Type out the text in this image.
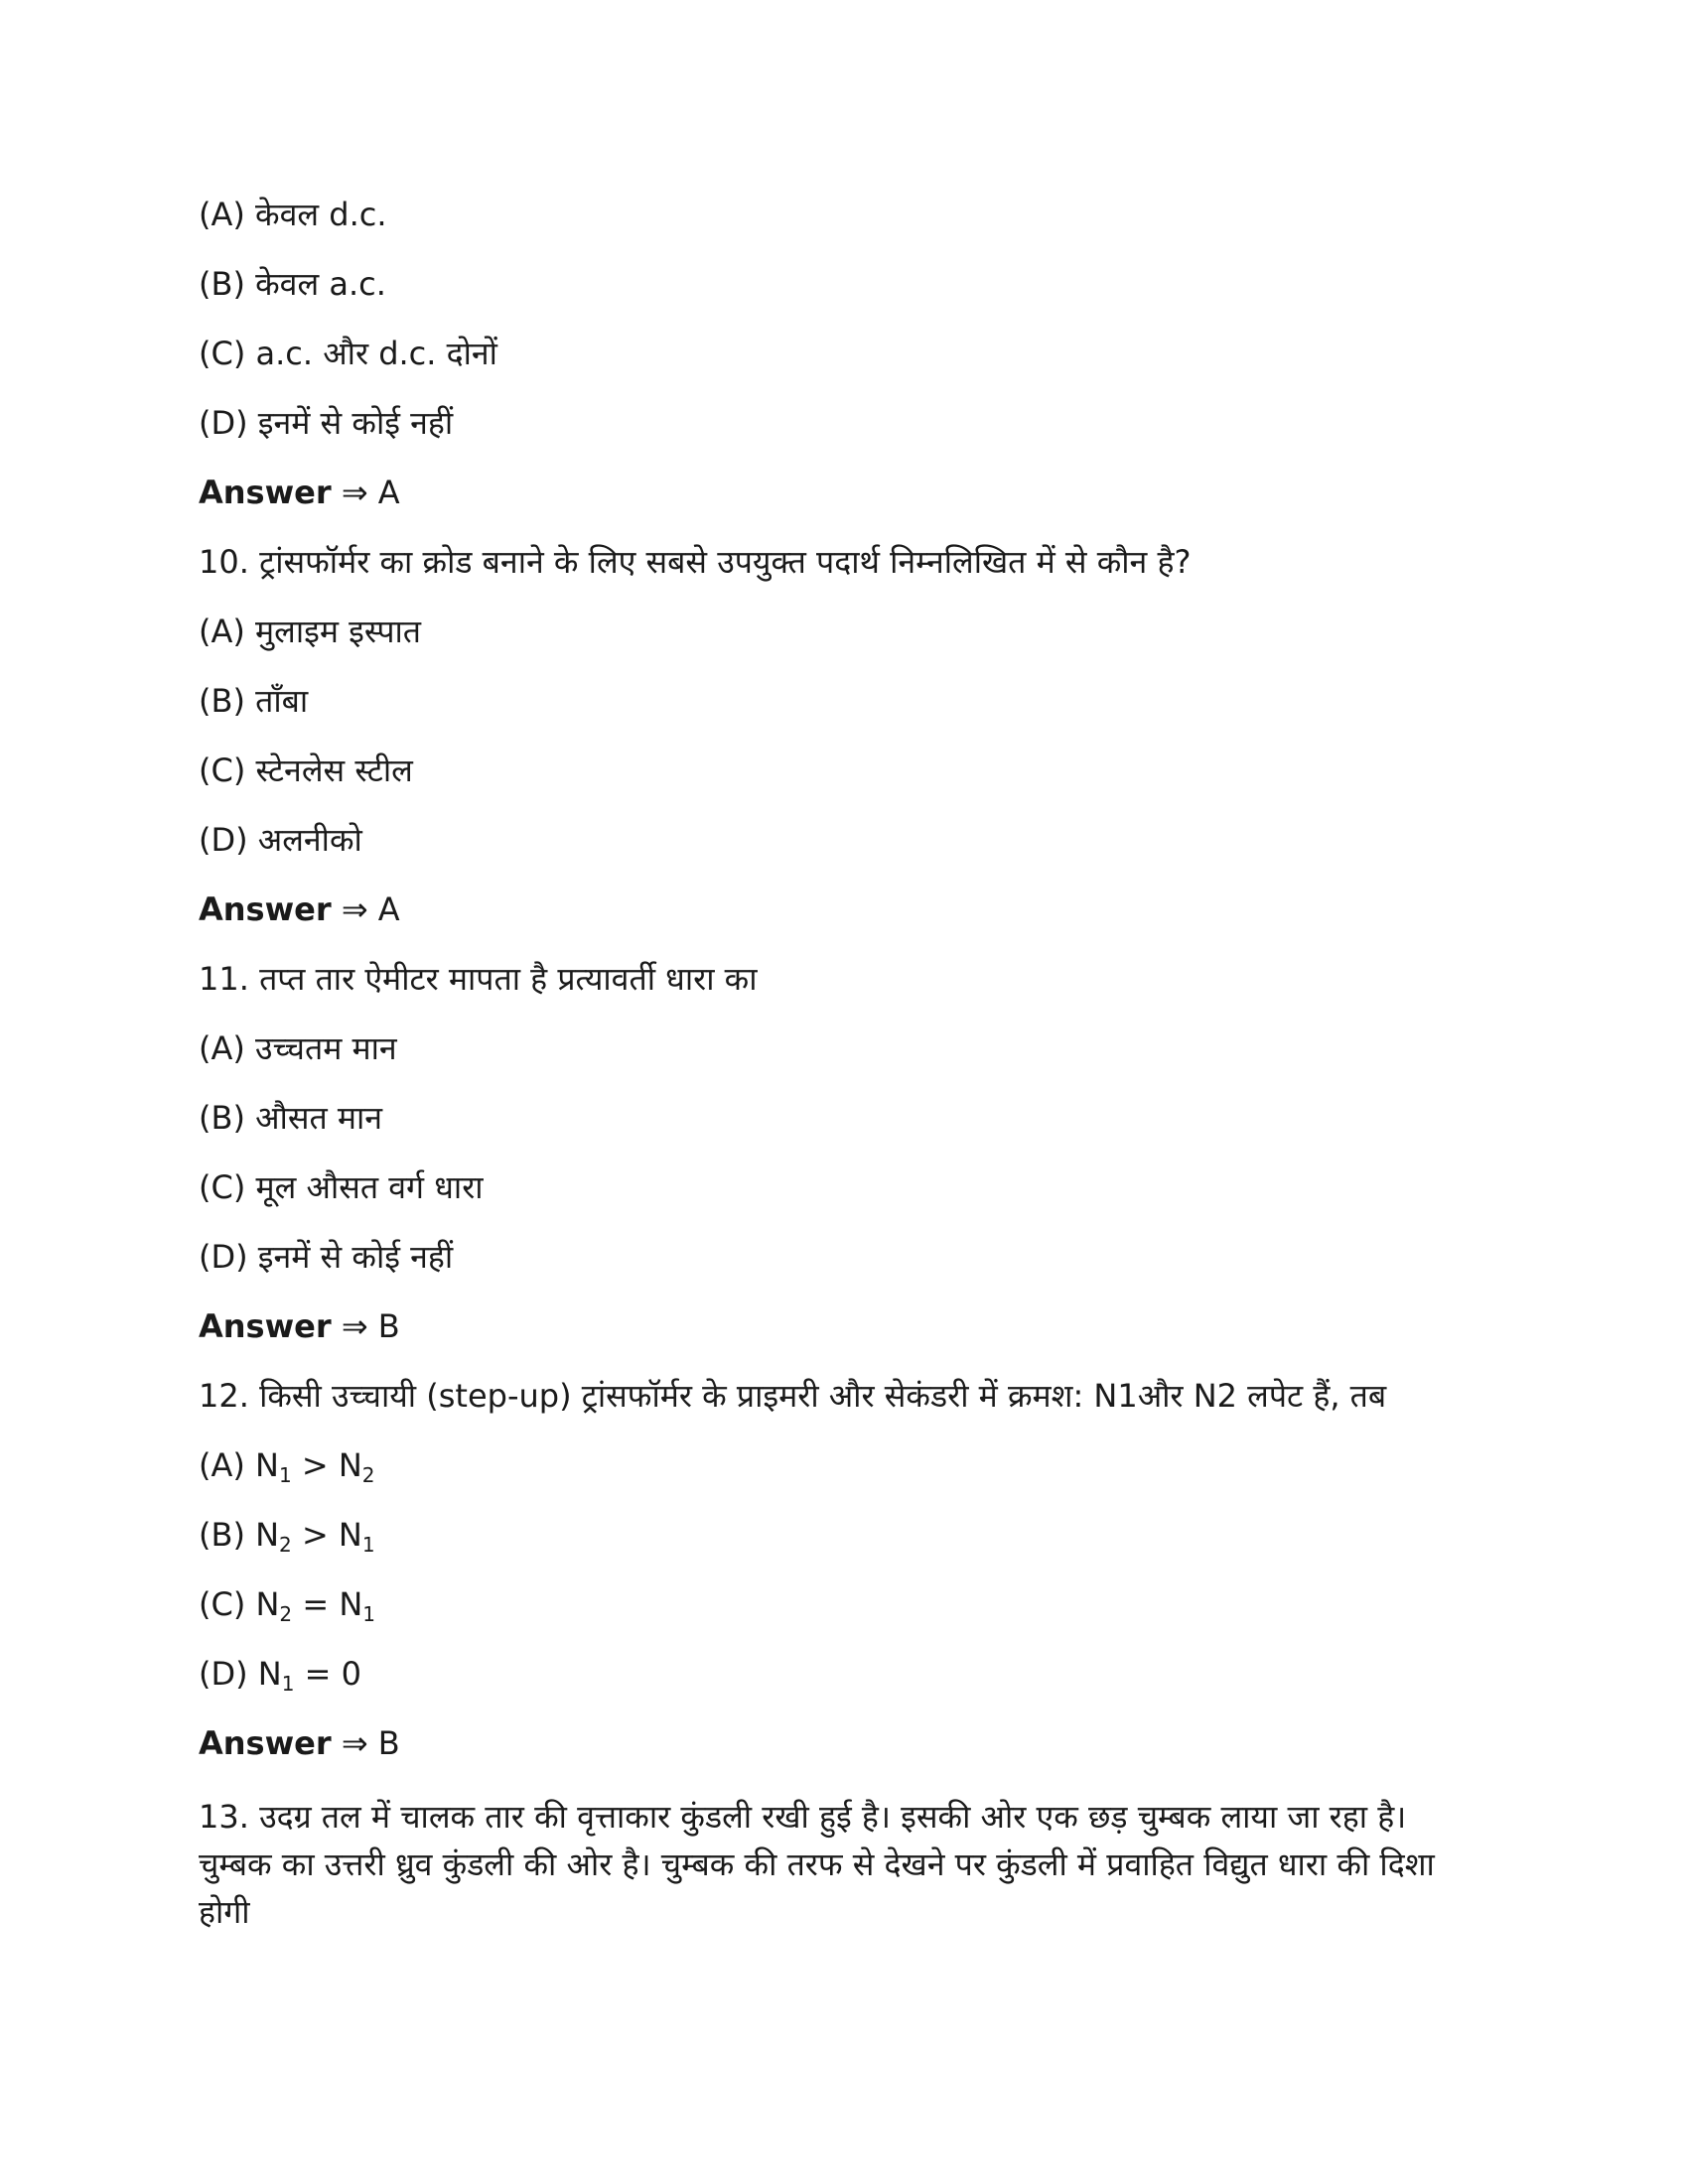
(A) केवल d.c.
(B) केवल a.c.
(C) a.c. और d.c. दोनों
(D) इनमें से कोई नहीं
Answer ⇒ A
10. ट्रांसफॉर्मर का क्रोड बनाने के लिए सबसे उपयुक्त पदार्थ निम्नलिखित में से कौन है?
(A) मुलाइम इस्पात
(B) ताँबा
(C) स्टेनलेस स्टील
(D) अलनीको
Answer ⇒ A
11. तप्त तार ऐमीटर मापता है प्रत्यावर्ती धारा का
(A) उच्चतम मान
(B) औसत मान
(C) मूल औसत वर्ग धारा
(D) इनमें से कोई नहीं
Answer ⇒ B
12. किसी उच्चायी (step-up) ट्रांसफॉर्मर के प्राइमरी और सेकंडरी में क्रमश: N1और N2 लपेट हैं, तब
(A) $N_1 > N_2$
(B) $N_2 > N_1$
(C) $N_2 = N_1$
(D) $N_1 = 0$
Answer ⇒ B

13. उदग्र तल में चालक तार की वृत्ताकार कुंडली रखी हुई है। इसकी ओर एक छड़ चुम्बक लाया जा रहा है। चुम्बक का उत्तरी ध्रुव कुंडली की ओर है। चुम्बक की तरफ से देखने पर कुंडली में प्रवाहित विद्युत धारा की दिशा होगी
